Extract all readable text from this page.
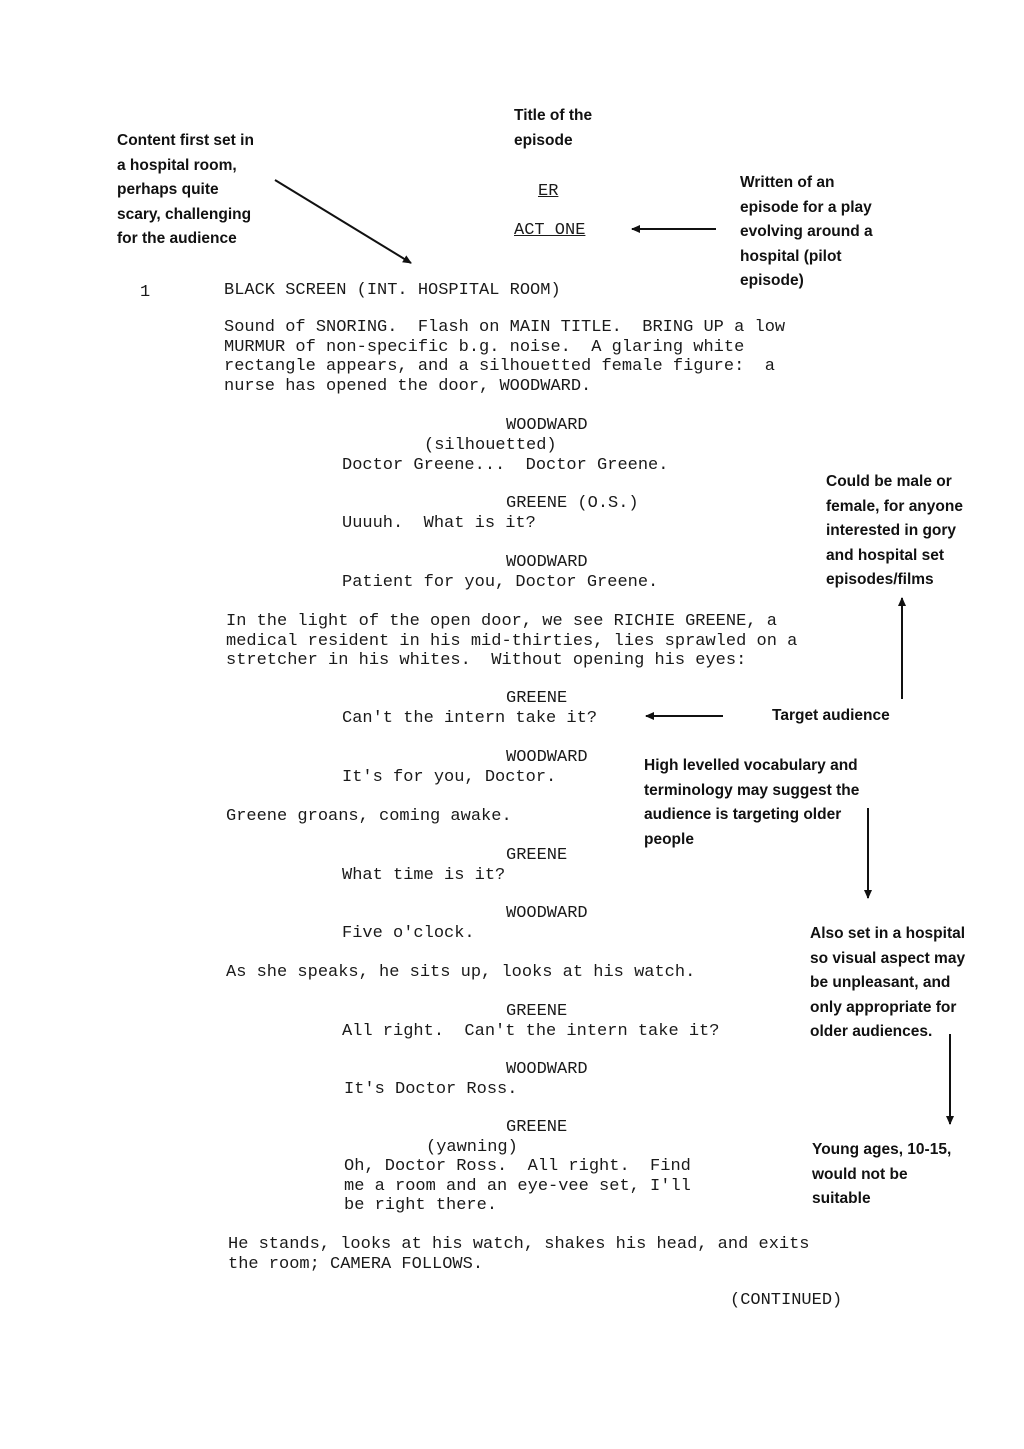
ER
ACT ONE
1	BLACK SCREEN (INT. HOSPITAL ROOM)
Sound of SNORING.  Flash on MAIN TITLE.  BRING UP a low
MURMUR of non-specific b.g. noise.  A glaring white
rectangle appears, and a silhouetted female figure:  a
nurse has opened the door, WOODWARD.
WOODWARD
(silhouetted)
Doctor Greene...  Doctor Greene.
GREENE (O.S.)
Uuuuh.  What is it?
WOODWARD
Patient for you, Doctor Greene.
In the light of the open door, we see RICHIE GREENE, a
medical resident in his mid-thirties, lies sprawled on a
stretcher in his whites.  Without opening his eyes:
GREENE
Can't the intern take it?
WOODWARD
It's for you, Doctor.
Greene groans, coming awake.
GREENE
What time is it?
WOODWARD
Five o'clock.
As she speaks, he sits up, looks at his watch.
GREENE
All right.  Can't the intern take it?
WOODWARD
It's Doctor Ross.
GREENE
(yawning)
Oh, Doctor Ross.  All right.  Find
me a room and an eye-vee set, I'll
be right there.
He stands, looks at his watch, shakes his head, and exits
the room; CAMERA FOLLOWS.
(CONTINUED)
Title of the
episode
Content first set in
a hospital room,
perhaps quite
scary, challenging
for the audience
Written of an
episode for a play
evolving around a
hospital (pilot
episode)
Could be male or
female, for anyone
interested in gory
and hospital set
episodes/films
Target audience
High levelled vocabulary and
terminology may suggest the
audience is targeting older
people
Also set in a hospital
so visual aspect may
be unpleasant, and
only appropriate for
older audiences.
Young ages, 10-15,
would not be
suitable
